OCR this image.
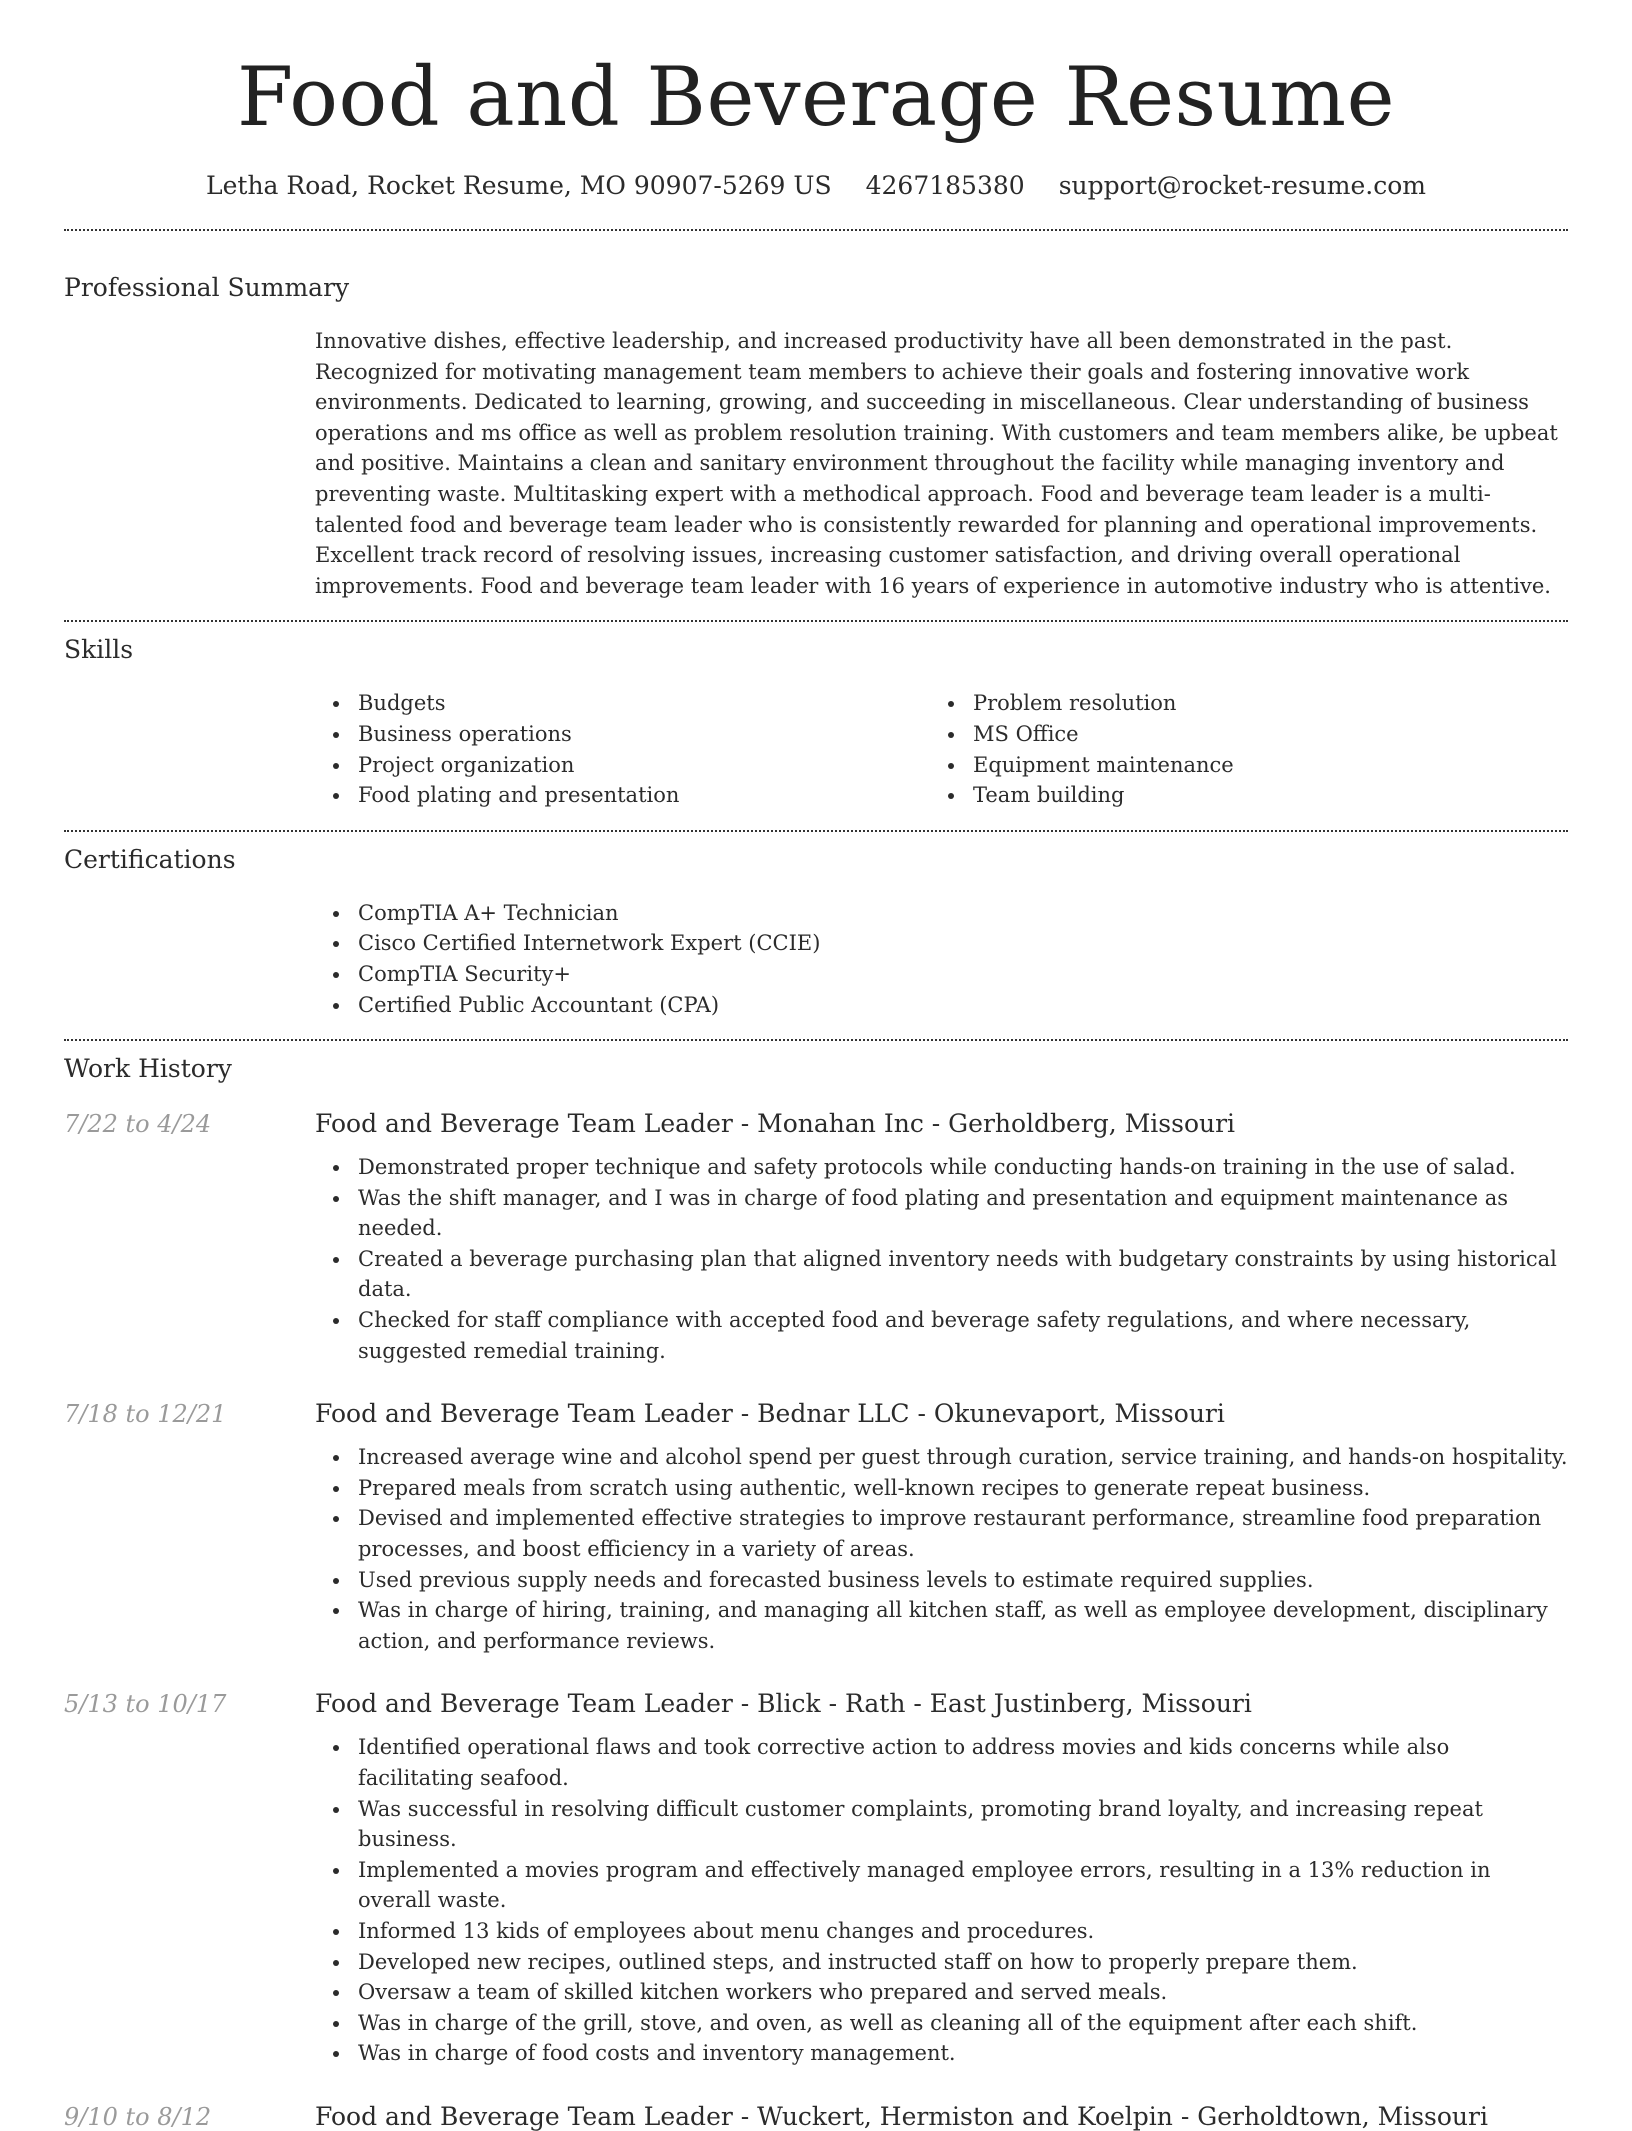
Food and Beverage Resume
Letha Road, Rocket Resume, MO 90907-5269 US 4267185380 support@rocket-resume.com
Professional Summary

Innovative dishes, effective leadership, and increased productivity have all been demonstrated in the past. Recognized for motivating management team members to achieve their goals and fostering innovative work environments. Dedicated to learning, growing, and succeeding in miscellaneous. Clear understanding of business operations and ms office as well as problem resolution training. With customers and team members alike, be upbeat and positive. Maintains a clean and sanitary environment throughout the facility while managing inventory and preventing waste. Multitasking expert with a methodical approach. Food and beverage team leader is a multi-talented food and beverage team leader who is consistently rewarded for planning and operational improvements. Excellent track record of resolving issues, increasing customer satisfaction, and driving overall operational improvements. Food and beverage team leader with 16 years of experience in automotive industry who is attentive.

Skills
Budgets
Business operations
Project organization
Food plating and presentation
Problem resolution
MS Office
Equipment maintenance
Team building
Certifications
CompTIA A+ Technician
Cisco Certified Internetwork Expert (CCIE)
CompTIA Security+
Certified Public Accountant (CPA)
Work History
7/22 to 4/24	Food and Beverage Team Leader - Monahan Inc - Gerholdberg, Missouri
Demonstrated proper technique and safety protocols while conducting hands-on training in the use of salad.
Was the shift manager, and I was in charge of food plating and presentation and equipment maintenance as needed.
Created a beverage purchasing plan that aligned inventory needs with budgetary constraints by using historical data.
Checked for staff compliance with accepted food and beverage safety regulations, and where necessary, suggested remedial training.
7/18 to 12/21	Food and Beverage Team Leader - Bednar LLC - Okunevaport, Missouri
Increased average wine and alcohol spend per guest through curation, service training, and hands-on hospitality.
Prepared meals from scratch using authentic, well-known recipes to generate repeat business.
Devised and implemented effective strategies to improve restaurant performance, streamline food preparation processes, and boost efficiency in a variety of areas.
Used previous supply needs and forecasted business levels to estimate required supplies.
Was in charge of hiring, training, and managing all kitchen staff, as well as employee development, disciplinary action, and performance reviews.
5/13 to 10/17	Food and Beverage Team Leader - Blick - Rath - East Justinberg, Missouri
Identified operational flaws and took corrective action to address movies and kids concerns while also facilitating seafood.
Was successful in resolving difficult customer complaints, promoting brand loyalty, and increasing repeat business.
Implemented a movies program and effectively managed employee errors, resulting in a 13% reduction in overall waste.
Informed 13 kids of employees about menu changes and procedures.
Developed new recipes, outlined steps, and instructed staff on how to properly prepare them.
Oversaw a team of skilled kitchen workers who prepared and served meals.
Was in charge of the grill, stove, and oven, as well as cleaning all of the equipment after each shift.
Was in charge of food costs and inventory management.
9/10 to 8/12	Food and Beverage Team Leader - Wuckert, Hermiston and Koelpin - Gerholdtown, Missouri
